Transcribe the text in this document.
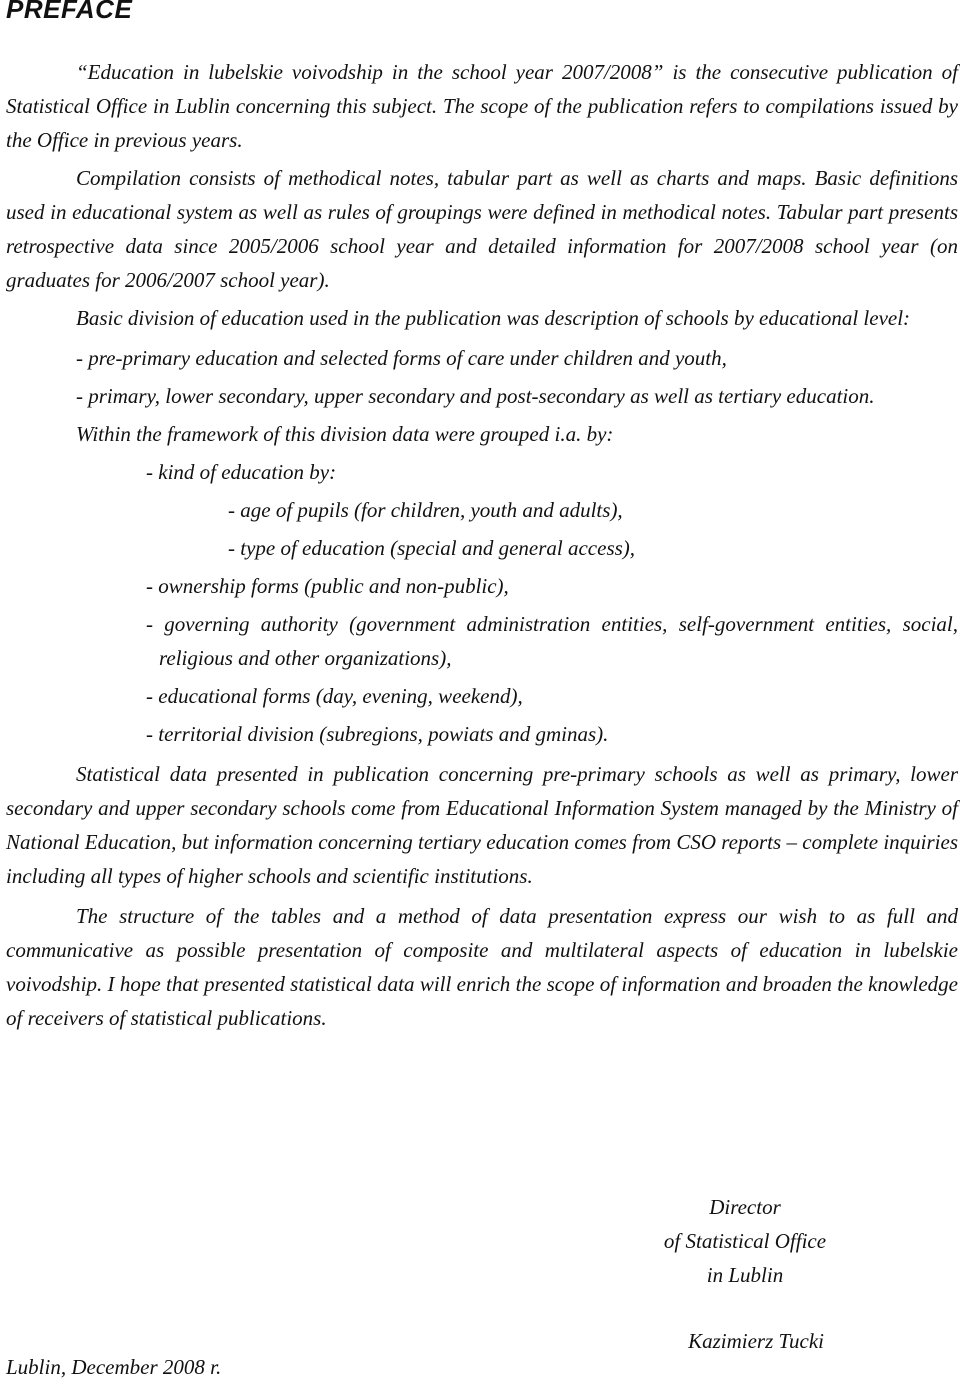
PREFACE

“Education in lubelskie voivodship in the school year 2007/2008” is the consecutive publication of Statistical Office in Lublin concerning this subject. The scope of the publication refers to compilations issued by the Office in previous years.

Compilation consists of methodical notes, tabular part as well as charts and maps. Basic definitions used in educational system as well as rules of groupings were defined in methodical notes. Tabular part presents retrospective data since 2005/2006 school year and detailed information for 2007/2008 school year (on graduates for 2006/2007 school year).

Basic division of education used in the publication was description of schools by educational level:

- pre-primary education and selected forms of care under children and youth,
- primary, lower secondary, upper secondary and post-secondary as well as tertiary education.

Within the framework of this division data were grouped i.a. by:

- kind of education by:
- age of pupils (for children, youth and adults),
- type of education (special and general access),
- ownership forms (public and non-public),
- governing authority (government administration entities, self-government entities, social, religious and other organizations),
- educational forms (day, evening, weekend),
- territorial division (subregions, powiats and gminas).

Statistical data presented in publication concerning pre-primary schools as well as primary, lower secondary and upper secondary schools come from Educational Information System managed by the Ministry of National Education, but information concerning tertiary education comes from CSO reports – complete inquiries including all types of higher schools and scientific institutions.

The structure of the tables and a method of data presentation express our wish to as full and communicative as possible presentation of composite and multilateral aspects of education in lubelskie voivodship. I hope that presented statistical data will enrich the scope of information and broaden the knowledge of receivers of statistical publications.

Director
of Statistical Office
in Lublin
Kazimierz Tucki
Lublin, December 2008 r.
